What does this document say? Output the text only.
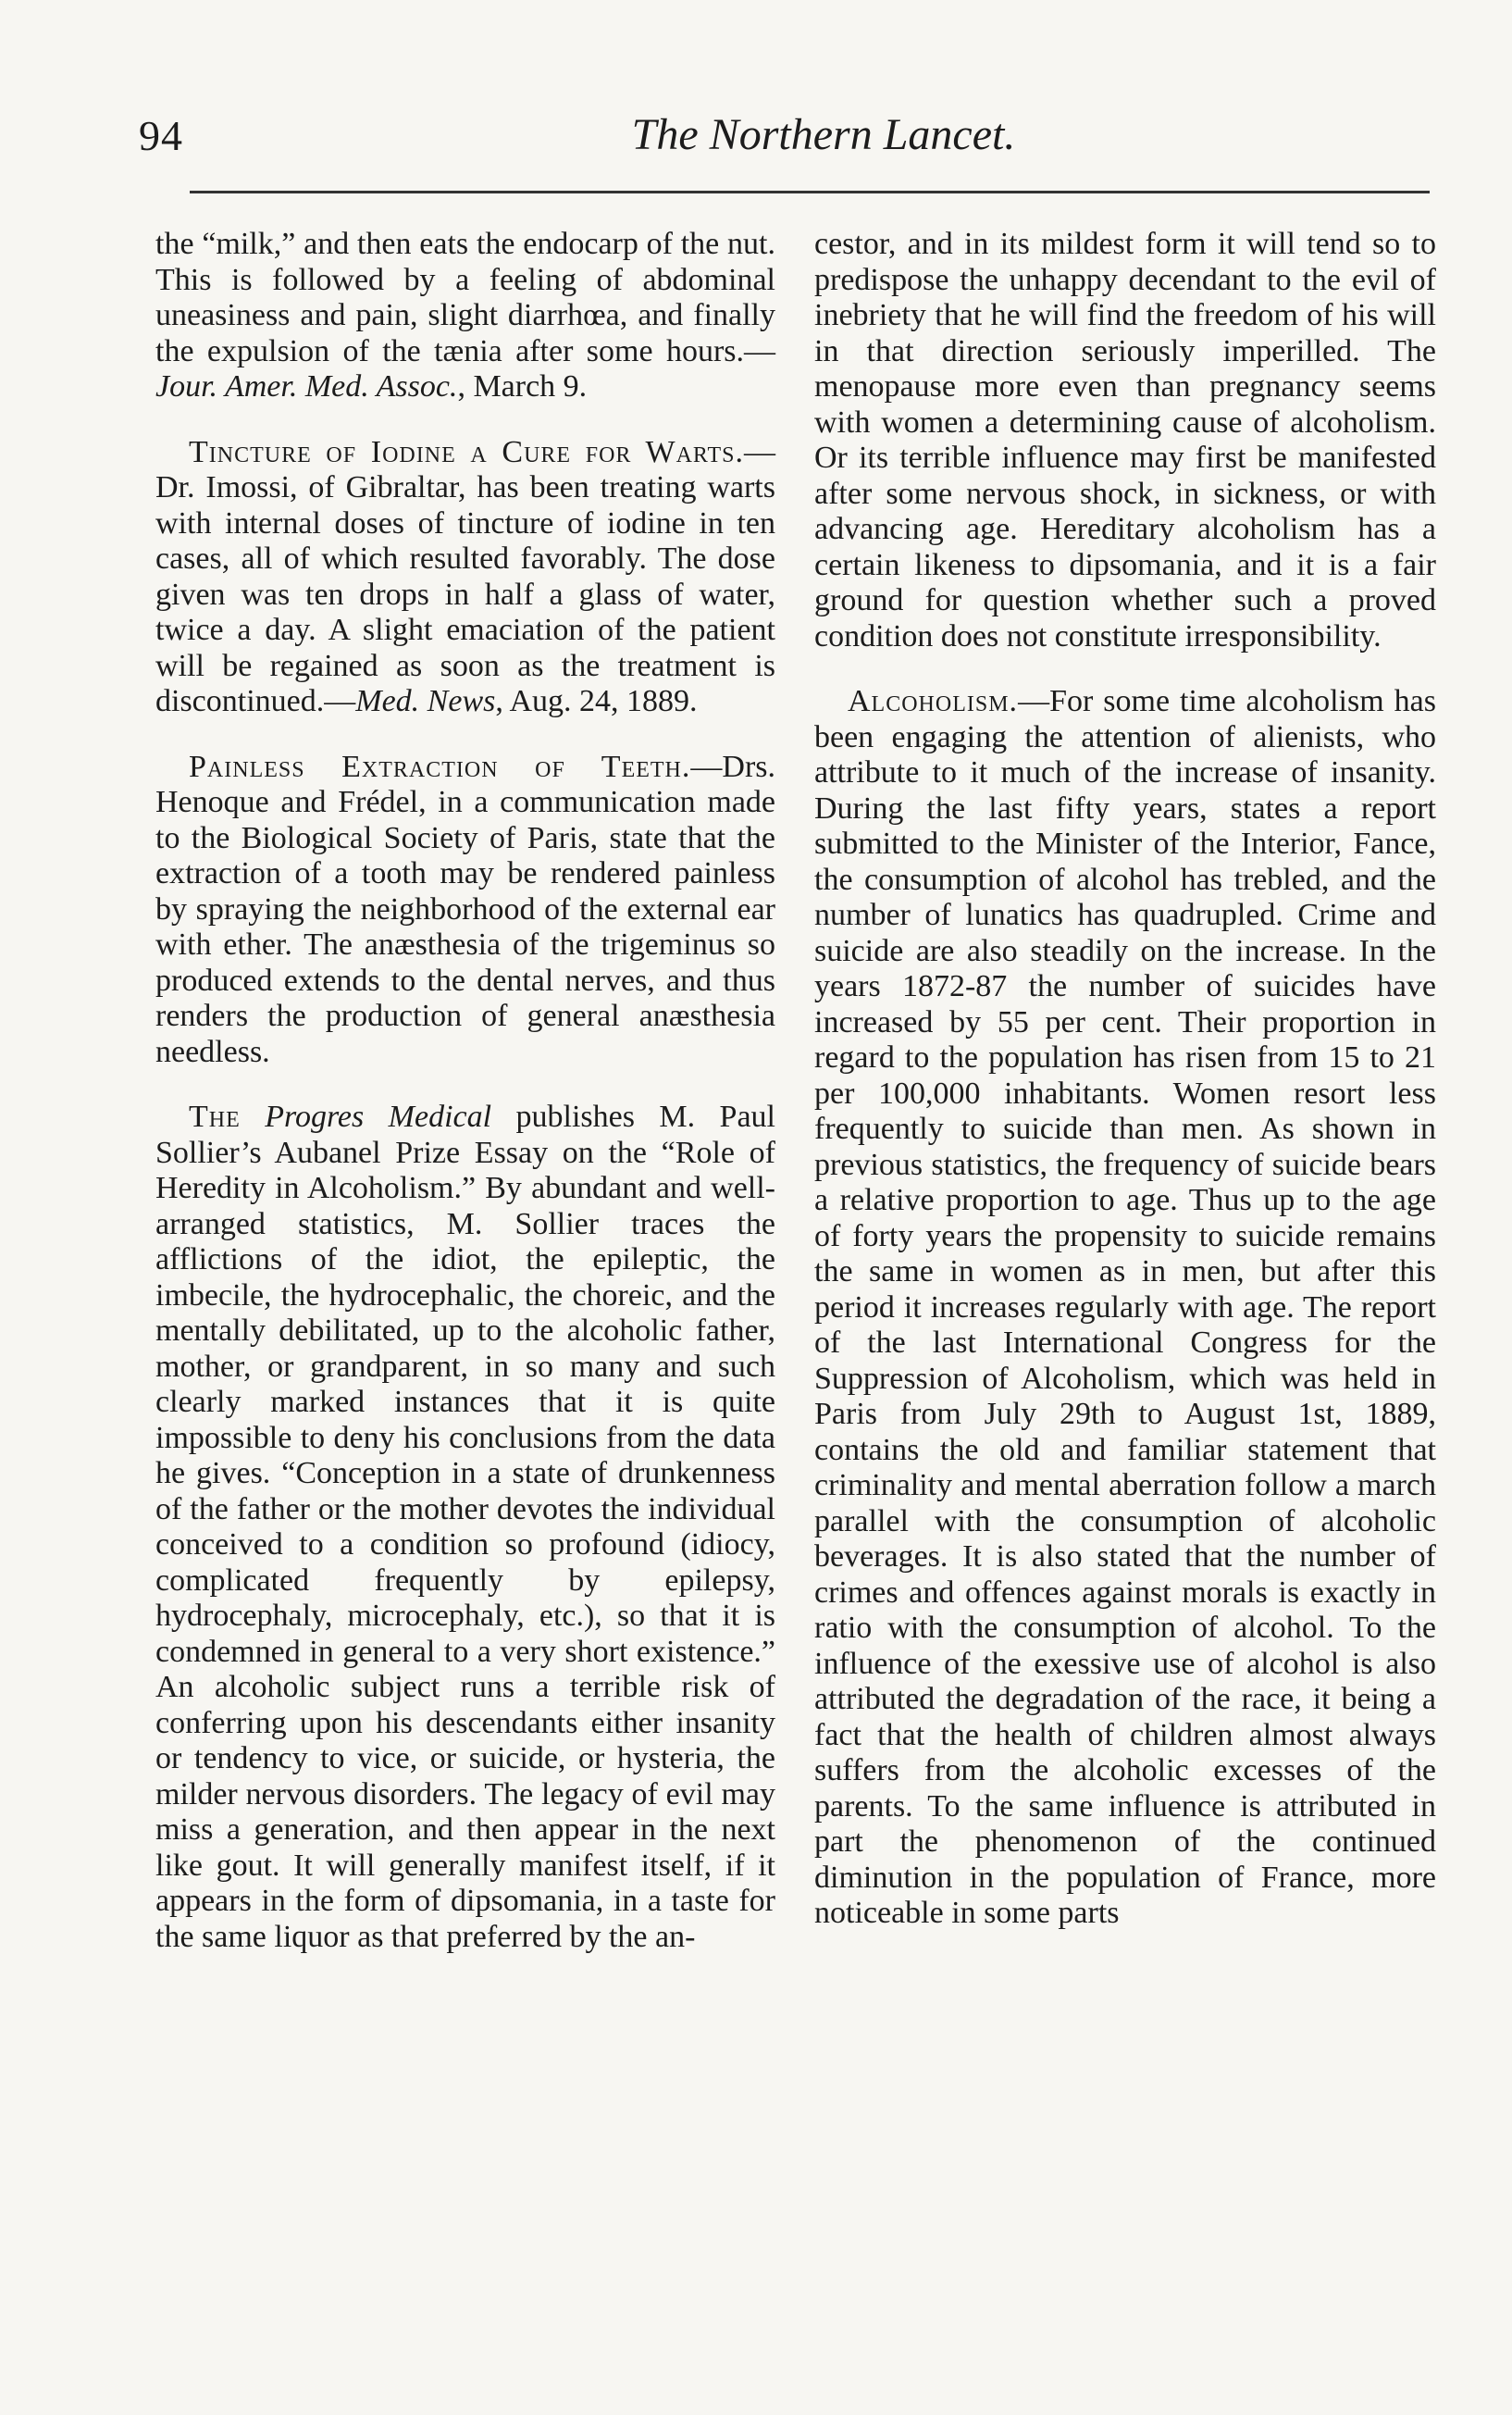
94	The Northern Lancet.

the “milk,” and then eats the endocarp of the nut. This is followed by a feeling of abdominal uneasiness and pain, slight diarrhœa, and finally the expulsion of the tænia after some hours.—Jour. Amer. Med. Assoc., March 9.

Tincture of Iodine a Cure for Warts.—Dr. Imossi, of Gibraltar, has been treating warts with internal doses of tincture of iodine in ten cases, all of which resulted favorably. The dose given was ten drops in half a glass of water, twice a day. A slight emaciation of the patient will be regained as soon as the treatment is discontinued.—Med. News, Aug. 24, 1889.

Painless Extraction of Teeth.—Drs. Henoque and Frédel, in a communication made to the Biological Society of Paris, state that the extraction of a tooth may be rendered painless by spraying the neighborhood of the external ear with ether. The anæsthesia of the trigeminus so produced extends to the dental nerves, and thus renders the production of general anæsthesia needless.

The Progres Medical publishes M. Paul Sollier’s Aubanel Prize Essay on the “Role of Heredity in Alcoholism.” By abundant and well-arranged statistics, M. Sollier traces the afflictions of the idiot, the epileptic, the imbecile, the hydrocephalic, the choreic, and the mentally debilitated, up to the alcoholic father, mother, or grandparent, in so many and such clearly marked instances that it is quite impossible to deny his conclusions from the data he gives. “Conception in a state of drunkenness of the father or the mother devotes the individual conceived to a condition so profound (idiocy, complicated frequently by epilepsy, hydrocephaly, microcephaly, etc.), so that it is condemned in general to a very short existence.” An alcoholic subject runs a terrible risk of conferring upon his descendants either insanity or tendency to vice, or suicide, or hysteria, the milder nervous disorders. The legacy of evil may miss a generation, and then appear in the next like gout. It will generally manifest itself, if it appears in the form of dipsomania, in a taste for the same liquor as that preferred by the an-

cestor, and in its mildest form it will tend so to predispose the unhappy decendant to the evil of inebriety that he will find the freedom of his will in that direction seriously imperilled. The menopause more even than pregnancy seems with women a determining cause of alcoholism. Or its terrible influence may first be manifested after some nervous shock, in sickness, or with advancing age. Hereditary alcoholism has a certain likeness to dipsomania, and it is a fair ground for question whether such a proved condition does not constitute irresponsibility.

Alcoholism.—For some time alcoholism has been engaging the attention of alienists, who attribute to it much of the increase of insanity. During the last fifty years, states a report submitted to the Minister of the Interior, Fance, the consumption of alcohol has trebled, and the number of lunatics has quadrupled. Crime and suicide are also steadily on the increase. In the years 1872-87 the number of suicides have increased by 55 per cent. Their proportion in regard to the population has risen from 15 to 21 per 100,000 inhabitants. Women resort less frequently to suicide than men. As shown in previous statistics, the frequency of suicide bears a relative proportion to age. Thus up to the age of forty years the propensity to suicide remains the same in women as in men, but after this period it increases regularly with age. The report of the last International Congress for the Suppression of Alcoholism, which was held in Paris from July 29th to August 1st, 1889, contains the old and familiar statement that criminality and mental aberration follow a march parallel with the consumption of alcoholic beverages. It is also stated that the number of crimes and offences against morals is exactly in ratio with the consumption of alcohol. To the influence of the exessive use of alcohol is also attributed the degradation of the race, it being a fact that the health of children almost always suffers from the alcoholic excesses of the parents. To the same influence is attributed in part the phenomenon of the continued diminution in the population of France, more noticeable in some parts
